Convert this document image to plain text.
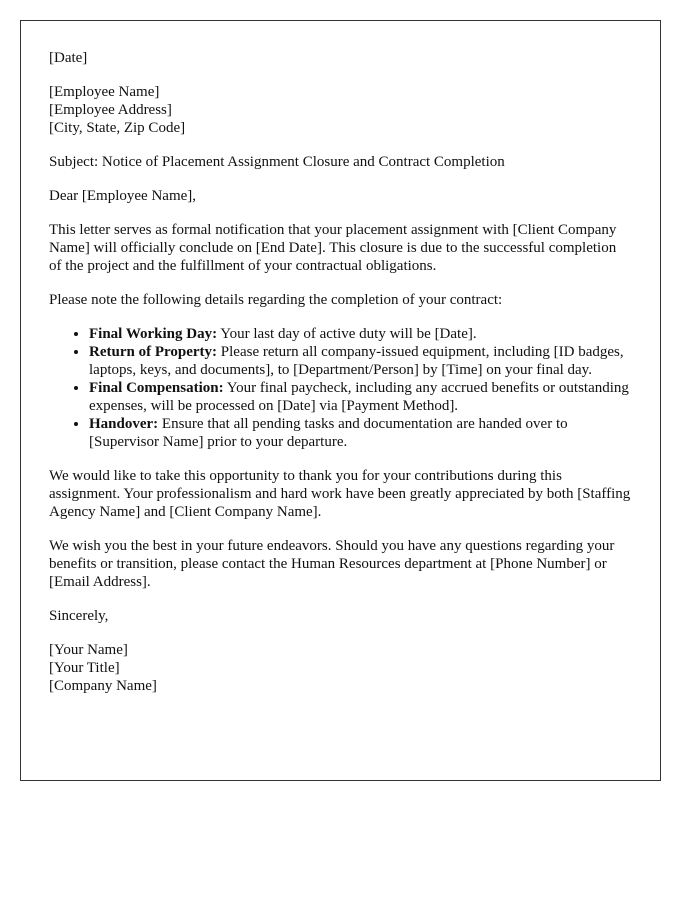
[Date]

[Employee Name]
[Employee Address]
[City, State, Zip Code]

Subject: Notice of Placement Assignment Closure and Contract Completion

Dear [Employee Name],

This letter serves as formal notification that your placement assignment with [Client Company Name] will officially conclude on [End Date]. This closure is due to the successful completion of the project and the fulfillment of your contractual obligations.

Please note the following details regarding the completion of your contract:

• Final Working Day: Your last day of active duty will be [Date].
• Return of Property: Please return all company-issued equipment, including [ID badges, laptops, keys, and documents], to [Department/Person] by [Time] on your final day.
• Final Compensation: Your final paycheck, including any accrued benefits or outstanding expenses, will be processed on [Date] via [Payment Method].
• Handover: Ensure that all pending tasks and documentation are handed over to [Supervisor Name] prior to your departure.

We would like to take this opportunity to thank you for your contributions during this assignment. Your professionalism and hard work have been greatly appreciated by both [Staffing Agency Name] and [Client Company Name].

We wish you the best in your future endeavors. Should you have any questions regarding your benefits or transition, please contact the Human Resources department at [Phone Number] or [Email Address].

Sincerely,

[Your Name]
[Your Title]
[Company Name]
